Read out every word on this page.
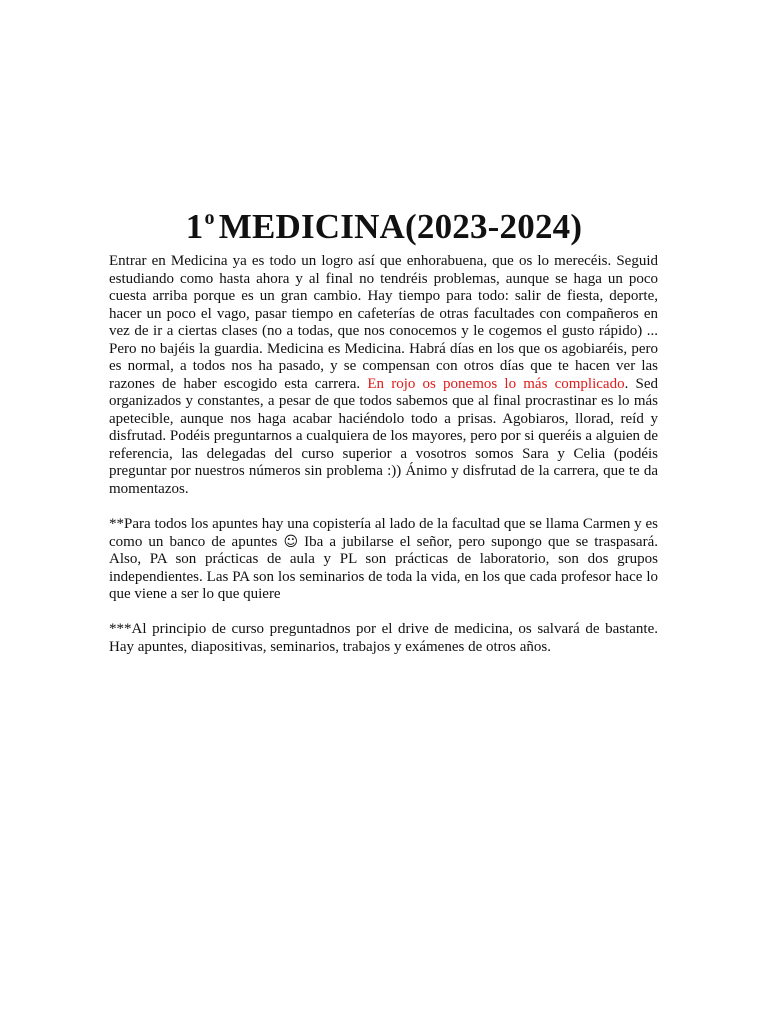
1$^o$ MEDICINA(2023-2024)

Entrar en Medicina ya es todo un logro así que enhorabuena, que os lo merecéis. Seguid estudiando como hasta ahora y al final no tendréis problemas, aunque se haga un poco cuesta arriba porque es un gran cambio. Hay tiempo para todo: salir de fiesta, deporte, hacer un poco el vago, pasar tiempo en cafeterías de otras facultades con compañeros en vez de ir a ciertas clases (no a todas, que nos conocemos y le cogemos el gusto rápido) ... Pero no bajéis la guardia. Medicina es Medicina. Habrá días en los que os agobiaréis, pero es normal, a todos nos ha pasado, y se compensan con otros días que te hacen ver las razones de haber escogido esta carrera. En rojo os ponemos lo más complicado. Sed organizados y constantes, a pesar de que todos sabemos que al final procrastinar es lo más apetecible, aunque nos haga acabar haciéndolo todo a prisas. Agobiaros, llorad, reíd y disfrutad. Podéis preguntarnos a cualquiera de los mayores, pero por si queréis a alguien de referencia, las delegadas del curso superior a vosotros somos Sara y Celia (podéis preguntar por nuestros números sin problema :)) Ánimo y disfrutad de la carrera, que te da momentazos.

**Para todos los apuntes hay una copistería al lado de la facultad que se llama Carmen y es como un banco de apuntes ☺ Iba a jubilarse el señor, pero supongo que se traspasará. Also, PA son prácticas de aula y PL son prácticas de laboratorio, son dos grupos independientes. Las PA son los seminarios de toda la vida, en los que cada profesor hace lo que viene a ser lo que quiere

***Al principio de curso preguntadnos por el drive de medicina, os salvará de bastante. Hay apuntes, diapositivas, seminarios, trabajos y exámenes de otros años.
